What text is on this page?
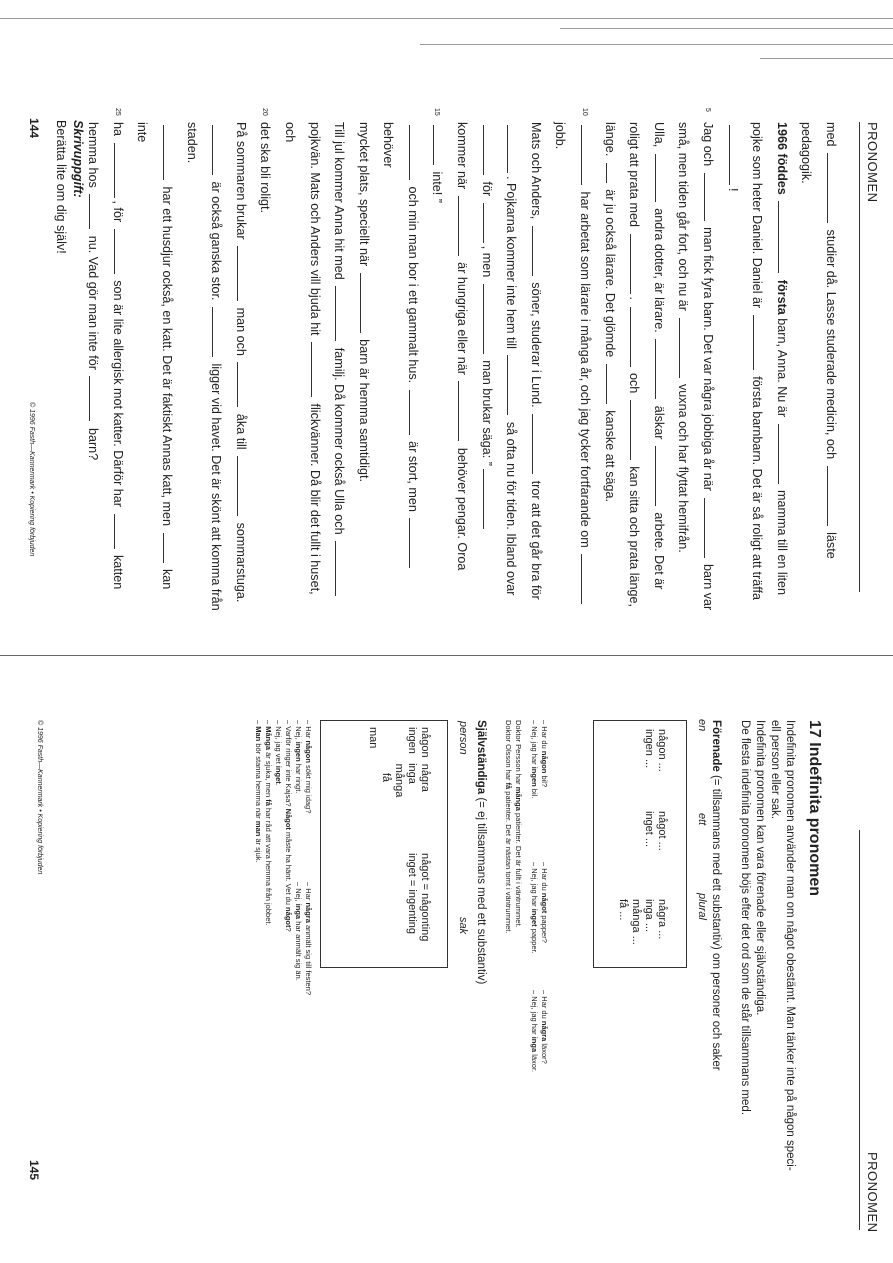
PRONOMEN

med  studier då. Lasse studerade medicin, och  läste pedagogik.

1966 föddes  första barn, Anna. Nu är  mamma till en liten

pojke som heter Daniel. Daniel är  första barnbarn. Det är så roligt att träffa

!

5
Jag och  man fick fyra barn. Det var några jobbiga år när  barn var

små, men tiden går fort, och nu är  vuxna och har flyttat hemifrån.

Ulla,  andra dotter, är lärare.  älskar  arbete. Det är

roligt att prata med .  och  kan sitta och prata länge,

länge.  är ju också lärare. Det glömde  kanske att säga.

10
har arbetat som lärare i många år, och jag tycker fortfarande om  jobb.

Mats och Anders,  söner, studerar i Lund.  tror att det går bra för

. Pojkarna kommer inte hem till  så ofta nu för tiden. Ibland ovar

för , men  man brukar säga: ”

kommer när  är hungriga eller när  behöver pengar. Oroa

15
inte! ”

och min man bor i ett gammalt hus.  är stort, men  behöver

mycket plats, speciellt när  barn är hemma samtidigt.

Till jul kommer Anna hit med  familj. Då kommer också Ulla och

pojkvän. Mats och Anders vill bjuda hit  flickvänner. Då blir det fullt i huset, och

20
det ska bli roligt.

På sommaren brukar  man och  åka till  sommarstuga.

är också ganska stor.  ligger vid havet. Det är skönt att komma från

staden.

har ett husdjur också, en katt. Det är faktiskt Annas katt, men  kan inte

25
ha , för  son är lite allergisk mot katter. Därför har  katten

hemma hos  nu. Vad gör man inte för  barn?

Skrivuppgift:
Berätta lite om dig själv!
144
© 1996 Fasth—Kannermark • Kopiering förbjuden
17 Indefinita pronomen
Indefinita pronomen använder man om något obestämt. Man tänker inte på någon speci-
ell person eller sak.
Indefinita pronomen kan vara förenade eller självständiga.
De flesta indefinita pronomen böjs efter det ord som de står tillsammans med.
Förenade (= tillsammans med ett substantiv) om personer och saker
en
ett
plural
någon ...
ingen ...
något ...
inget ...
några ...
inga ...
många ...
få ...
– Har du någon bil?
– Nej, jag har ingen bil.
– Har du något papper?
– Nej, jag har inget papper.
– Har du några läxor?
– Nej, jag har inga läxor.
Doktor Persson har många patienter. Det är fullt i väntrummet.
Doktor Olsson har få patienter. Det är nästan tomt i väntrummet.
Självständiga (= ej tillsammans med ett substantiv)
person
sak
någon  några
ingen   inga
många
få
man
något = någonting
inget = ingenting
– Har någon sökt mig idag?
– Nej, ingen har ringt.
– Varför ringer inte Kajsa? Något måste ha hänt. Vet du något?
– Nej, jag vet inget.
– Många är sjuka, men få har råd att vara hemma från jobbet.
– Man bör stanna hemma när man är sjuk.
– Har några anmält sig till festen?
– Nej, inga har anmält sig än.
© 1996 Fasth—Kannermark • Kopiering förbjuden
PRONOMEN
145
